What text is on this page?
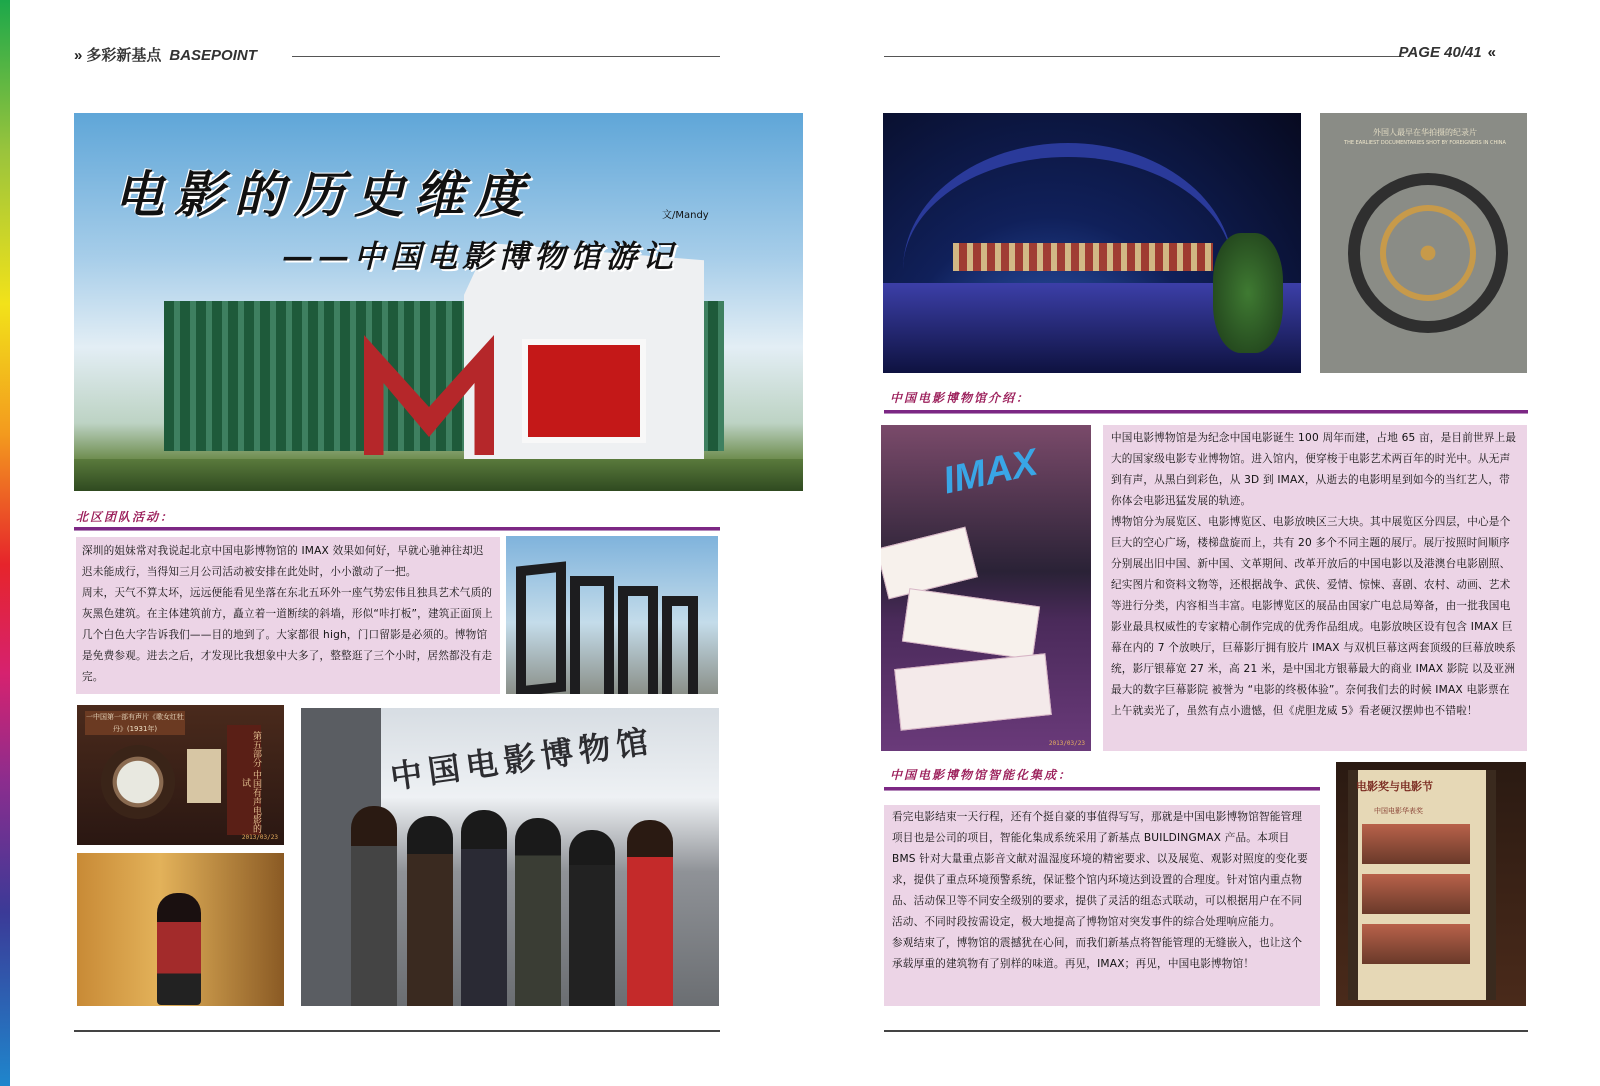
» 多彩新基点 BASEPOINT	PAGE 40/41 «
电影的历史维度
——中国电影博物馆游记
文/Mandy
北区团队活动：

深圳的姐妹常对我说起北京中国电影博物馆的 IMAX 效果如何好，早就心驰神往却迟迟未能成行，当得知三月公司活动被安排在此处时，小小激动了一把。

周末，天气不算太坏，远远便能看见坐落在东北五环外一座气势宏伟且独具艺术气质的灰黑色建筑。在主体建筑前方，矗立着一道断续的斜墙，形似“咔打板”，建筑正面顶上几个白色大字告诉我们——目的地到了。大家都很 high，门口留影是必须的。博物馆是免费参观。进去之后，才发现比我想象中大多了，整整逛了三个小时，居然都没有走完。

一中国第一部有声片《歌女红牡丹》(1931年)
第五部分 中国有声电影的试
2013/03/23
中国电影博物馆
外国人最早在华拍摄的纪录片
THE EARLIEST DOCUMENTARIES SHOT BY FOREIGNERS IN CHINA
中国电影博物馆介绍：
IMAX
2013/03/23

中国电影博物馆是为纪念中国电影诞生 100 周年而建，占地 65 亩，是目前世界上最大的国家级电影专业博物馆。进入馆内，便穿梭于电影艺术两百年的时光中。从无声到有声，从黑白到彩色，从 3D 到 IMAX，从逝去的电影明星到如今的当红艺人，带你体会电影迅猛发展的轨迹。

博物馆分为展览区、电影博览区、电影放映区三大块。其中展览区分四层，中心是个巨大的空心广场，楼梯盘旋而上，共有 20 多个不同主题的展厅。展厅按照时间顺序分别展出旧中国、新中国、文革期间、改革开放后的中国电影以及港澳台电影剧照、纪实图片和资料文物等，还根据战争、武侠、爱情、惊悚、喜剧、农村、动画、艺术等进行分类，内容相当丰富。电影博览区的展品由国家广电总局筹备，由一批我国电影业最具权威性的专家精心制作完成的优秀作品组成。电影放映区设有包含 IMAX 巨幕在内的 7 个放映厅，巨幕影厅拥有胶片 IMAX 与双机巨幕这两套顶级的巨幕放映系统，影厅银幕宽 27 米，高 21 米，是中国北方银幕最大的商业 IMAX 影院 以及亚洲最大的数字巨幕影院 被誉为 “电影的终极体验”。奈何我们去的时候 IMAX 电影票在上午就卖光了，虽然有点小遗憾，但《虎胆龙威 5》看老硬汉摆帅也不错啦！

中国电影博物馆智能化集成：

看完电影结束一天行程，还有个挺自豪的事值得写写，那就是中国电影博物馆智能管理项目也是公司的项目，智能化集成系统采用了新基点 BUILDINGMAX 产品。本项目 BMS 针对大量重点影音文献对温湿度环境的精密要求、以及展览、观影对照度的变化要求，提供了重点环境预警系统，保证整个馆内环境达到设置的合理度。针对馆内重点物品、活动保卫等不同安全级别的要求，提供了灵活的组态式联动，可以根据用户在不同活动、不同时段按需设定，极大地提高了博物馆对突发事件的综合处理响应能力。

参观结束了，博物馆的震撼犹在心间，而我们新基点将智能管理的无缝嵌入，也让这个承载厚重的建筑物有了别样的味道。再见，IMAX；再见，中国电影博物馆！

电影奖与电影节
中国电影华表奖
